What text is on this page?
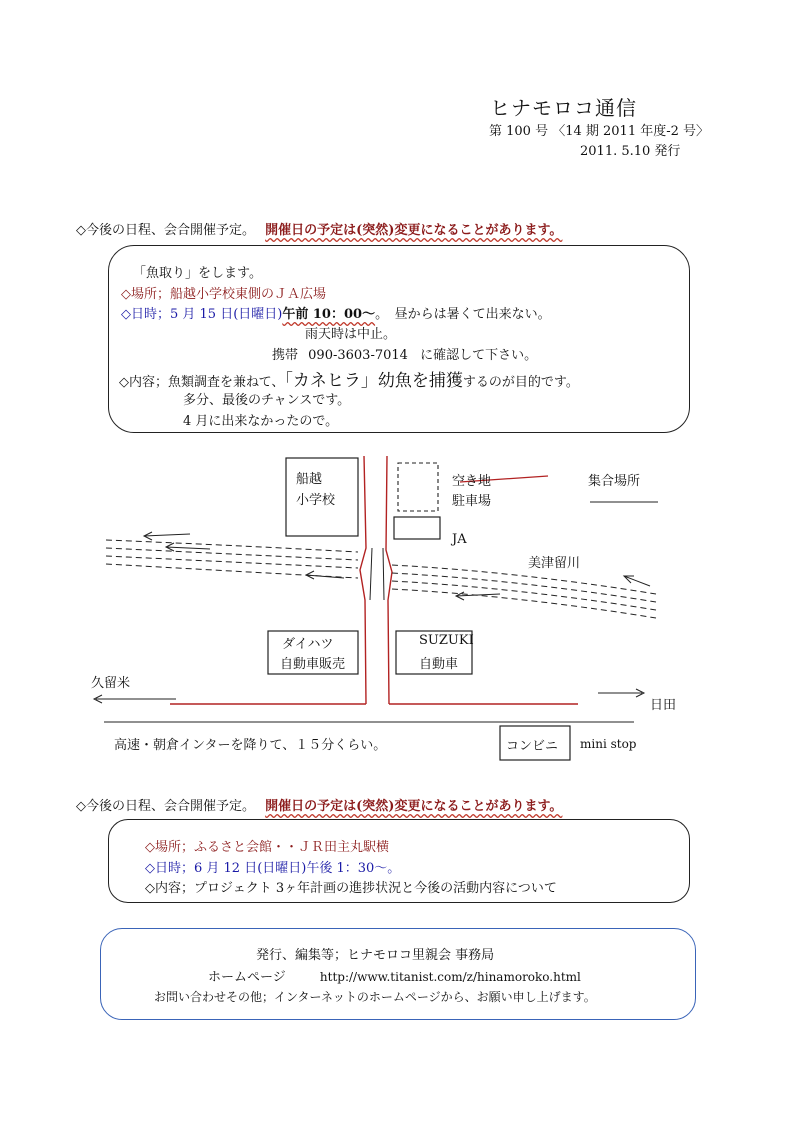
ヒナモロコ通信
第 100 号 〈14 期 2011 年度-2 号〉
2011. 5.10 発行
◇今後の日程、会合開催予定。 開催日の予定は(突然)変更になることがあります。
「魚取り」をします。
◇場所；船越小学校東側のＪＡ広場
◇日時；5 月 15 日(日曜日)午前 10：00～。　昼からは暑くて出来ない。
雨天時は中止。
携帯 090-3603-7014 に確認して下さい。
◇内容；魚類調査を兼ねて、「カネヒラ」幼魚を捕獲するのが目的です。
多分、最後のチャンスです。
4 月に出来なかったので。
船越
小学校
空き地
駐車場
集合場所
JA
美津留川
ダイハツ
自動車販売
SUZUKI
自動車
久留米
日田
高速・朝倉インターを降りて、１５分くらい。	コンビニ mini stop
◇今後の日程、会合開催予定。 開催日の予定は(突然)変更になることがあります。
◇場所；ふるさと会館・・ＪＲ田主丸駅横
◇日時；6 月 12 日(日曜日)午後 1：30～。
◇内容；プロジェクト 3ヶ年計画の進捗状況と今後の活動内容について
発行、編集等；ヒナモロコ里親会 事務局
ホームページ	http://www.titanist.com/z/hinamoroko.html
お問い合わせその他；インターネットのホームページから、お願い申し上げます。
